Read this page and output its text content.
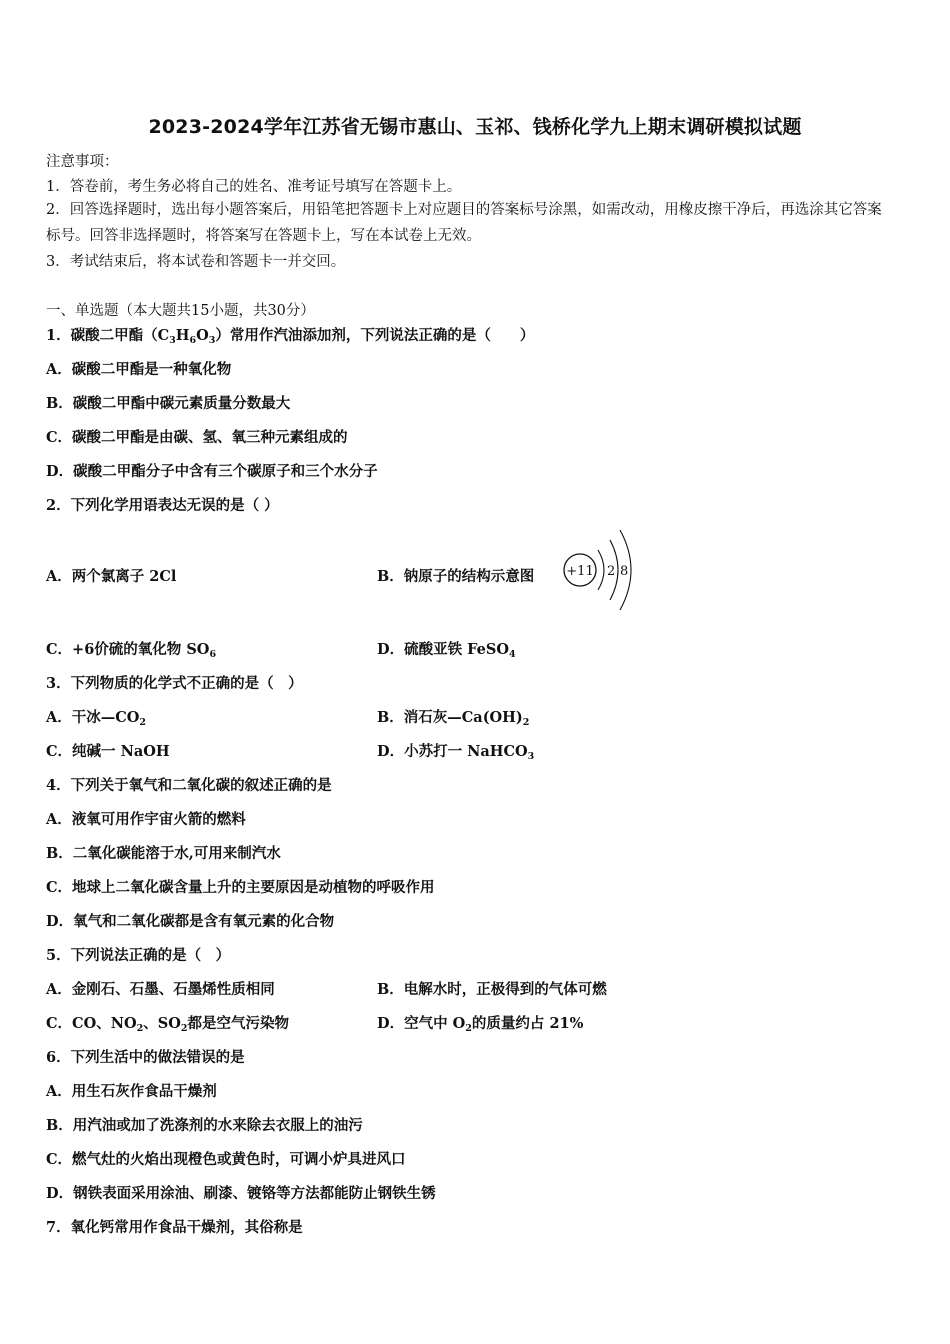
2023-2024学年江苏省无锡市惠山、玉祁、钱桥化学九上期末调研模拟试题
注意事项：
1．答卷前，考生务必将自己的姓名、准考证号填写在答题卡上。
2．回答选择题时，选出每小题答案后，用铅笔把答题卡上对应题目的答案标号涂黑，如需改动，用橡皮擦干净后，再选涂其它答案标号。回答非选择题时，将答案写在答题卡上，写在本试卷上无效。
3．考试结束后，将本试卷和答题卡一并交回。
一、单选题（本大题共15小题，共30分）
1．碳酸二甲酯$(C_3H_6O_3)$常用作汽油添加剂，下列说法正确的是（　　）
A．碳酸二甲酯是一种氧化物
B．碳酸二甲酯中碳元素质量分数最大
C．碳酸二甲酯是由碳、氢、氧三种元素组成的
D．碳酸二甲酯分子中含有三个碳原子和三个水分子
2．下列化学用语表达无误的是（ ）
A．两个氯离子 2Cl	B．钠原子的结构示意图 +11 2 8
C．+6价硫的氧化物 $SO_6$	D．硫酸亚铁 FeSO$_4$
3．下列物质的化学式不正确的是（　）
A．干冰$—CO_2$	B．消石灰$—Ca(OH)_2$
C．纯碱一 NaOH	D．小苏打一 NaHCO$_3$
4．下列关于氧气和二氧化碳的叙述正确的是
A．液氧可用作宇宙火箭的燃料
B．二氧化碳能溶于水,可用来制汽水
C．地球上二氧化碳含量上升的主要原因是动植物的呼吸作用
D．氧气和二氧化碳都是含有氧元素的化合物
5．下列说法正确的是（　）
A．金刚石、石墨、石墨烯性质相同	B．电解水时，正极得到的气体可燃
C．CO、$NO_2$、$SO_2$都是空气污染物	D．空气中 $O_2$的质量约占 21%
6．下列生活中的做法错误的是
A．用生石灰作食品干燥剂
B．用汽油或加了洗涤剂的水来除去衣服上的油污
C．燃气灶的火焰出现橙色或黄色时，可调小炉具进风口
D．钢铁表面采用涂油、刷漆、镀铬等方法都能防止钢铁生锈
7．氧化钙常用作食品干燥剂，其俗称是
